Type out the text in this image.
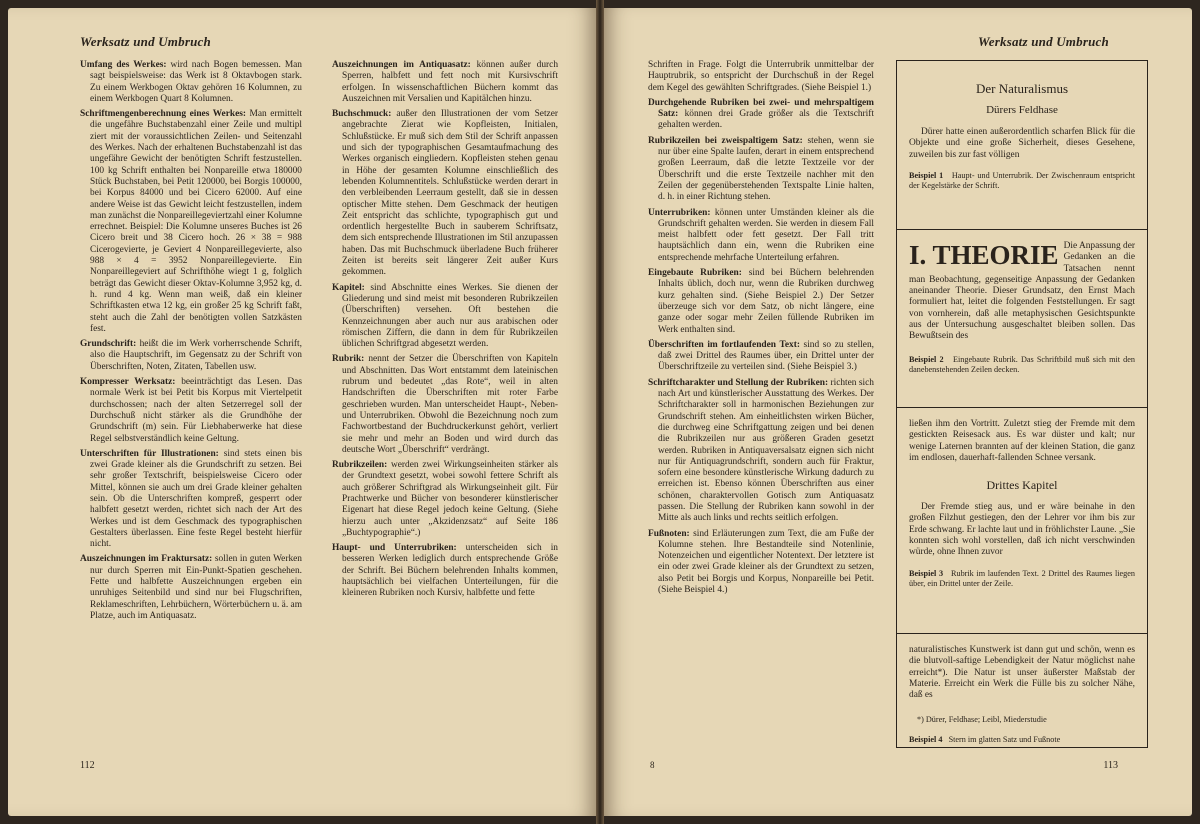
Werksatz und Umbruch

Umfang des Werkes: wird nach Bogen bemessen. Man sagt beispielsweise: das Werk ist 8 Oktavbogen stark. Zu einem Werkbogen Oktav gehören 16 Kolumnen, zu einem Werkbogen Quart 8 Kolumnen.

Schriftmengenberechnung eines Werkes: Man ermittelt die ungefähre Buchstabenzahl einer Zeile und multipl ziert mit der voraussichtlichen Zeilen- und Seitenzahl des Werkes. Nach der erhaltenen Buchstabenzahl ist das ungefähre Gewicht der benötigten Schrift festzustellen. 100 kg Schrift enthalten bei Nonpareille etwa 180000 Stück Buchstaben, bei Petit 120000, bei Borgis 100000, bei Korpus 84000 und bei Cicero 62000. Auf eine andere Weise ist das Gewicht leicht festzustellen, indem man zunächst die Nonpareillegeviertzahl einer Kolumne errechnet. Beispiel: Die Kolumne unseres Buches ist 26 Cicero breit und 38 Cicero hoch. 26 × 38 = 988 Cicerogevierte, je Geviert 4 Nonpareillegevierte, also 988 × 4 = 3952 Nonpareillegevierte. Ein Nonpareillegeviert auf Schrifthöhe wiegt 1 g, folglich beträgt das Gewicht dieser Oktav-Kolumne 3,952 kg, d. h. rund 4 kg. Wenn man weiß, daß ein kleiner Schriftkasten etwa 12 kg, ein großer 25 kg Schrift faßt, steht auch die Zahl der benötigten vollen Satzkästen fest.

Grundschrift: heißt die im Werk vorherrschende Schrift, also die Hauptschrift, im Gegensatz zu der Schrift von Überschriften, Noten, Zitaten, Tabellen usw.

Kompresser Werksatz: beeinträchtigt das Lesen. Das normale Werk ist bei Petit bis Korpus mit Viertelpetit durchschossen; nach der alten Setzerregel soll der Durchschuß nicht stärker als die Grundhöhe der Grundschrift (m) sein. Für Liebhaberwerke hat diese Regel selbstverständlich keine Geltung.

Unterschriften für Illustrationen: sind stets einen bis zwei Grade kleiner als die Grundschrift zu setzen. Bei sehr großer Textschrift, beispielsweise Cicero oder Mittel, können sie auch um drei Grade kleiner gehalten sein. Ob die Unterschriften kompreß, gesperrt oder halbfett gesetzt werden, richtet sich nach der Art des Werkes und ist dem Geschmack des typographischen Gestalters überlassen. Eine feste Regel besteht hierfür nicht.

Auszeichnungen im Fraktursatz: sollen in guten Werken nur durch Sperren mit Ein-Punkt-Spatien geschehen. Fette und halbfette Auszeichnungen ergeben ein unruhiges Seitenbild und sind nur bei Flugschriften, Reklameschriften, Lehrbüchern, Wörterbüchern u. ä. am Platze, auch im Antiquasatz.

Auszeichnungen im Antiquasatz: können außer durch Sperren, halbfett und fett noch mit Kursivschrift erfolgen. In wissenschaftlichen Büchern kommt das Auszeichnen mit Versalien und Kapitälchen hinzu.

Buchschmuck: außer den Illustrationen der vom Setzer angebrachte Zierat wie Kopfleisten, Initialen, Schlußstücke. Er muß sich dem Stil der Schrift anpassen und sich der typographischen Gesamtaufmachung des Werkes organisch eingliedern. Kopfleisten stehen genau in Höhe der gesamten Kolumne einschließlich des lebenden Kolumnentitels. Schlußstücke werden derart in den verbleibenden Leerraum gestellt, daß sie in dessen optischer Mitte stehen. Dem Geschmack der heutigen Zeit entspricht das schlichte, typographisch gut und ordentlich hergestellte Buch in sauberem Schriftsatz, dem sich entsprechende Illustrationen im Stil anzupassen haben. Das mit Buchschmuck überladene Buch früherer Zeiten ist bereits seit längerer Zeit außer Kurs gekommen.

Kapitel: sind Abschnitte eines Werkes. Sie dienen der Gliederung und sind meist mit besonderen Rubrikzeilen (Überschriften) versehen. Oft bestehen die Kennzeichnungen aber auch nur aus arabischen oder römischen Ziffern, die dann in dem für Rubrikzeilen üblichen Schriftgrad abgesetzt werden.

Rubrik: nennt der Setzer die Überschriften von Kapiteln und Abschnitten. Das Wort entstammt dem lateinischen rubrum und bedeutet „das Rote“, weil in alten Handschriften die Überschriften mit roter Farbe geschrieben wurden. Man unterscheidet Haupt-, Neben- und Unterrubriken. Obwohl die Bezeichnung noch zum Fachwortbestand der Buchdruckerkunst gehört, verliert sie mehr und mehr an Boden und wird durch das deutsche Wort „Überschrift“ verdrängt.

Rubrikzeilen: werden zwei Wirkungseinheiten stärker als der Grundtext gesetzt, wobei sowohl fettere Schrift als auch größerer Schriftgrad als Wirkungseinheit gilt. Für Prachtwerke und Bücher von besonderer künstlerischer Eigenart hat diese Regel jedoch keine Geltung. (Siehe hierzu auch unter „Akzidenzsatz“ auf Seite 186 „Buchtypographie“.)

Haupt- und Unterrubriken: unterscheiden sich in besseren Werken lediglich durch entsprechende Größe der Schrift. Bei Büchern belehrenden Inhalts kommen, hauptsächlich bei vielfachen Unterteilungen, für die kleineren Rubriken noch Kursiv, halbfette und fette

112
Werksatz und Umbruch

Schriften in Frage. Folgt die Unterrubrik unmittelbar der Hauptrubrik, so entspricht der Durchschuß in der Regel dem Kegel des gewählten Schriftgrades. (Siehe Beispiel 1.)

Durchgehende Rubriken bei zwei- und mehrspaltigem Satz: können drei Grade größer als die Textschrift gehalten werden.

Rubrikzeilen bei zweispaltigem Satz: stehen, wenn sie nur über eine Spalte laufen, derart in einem entsprechend großen Leerraum, daß die letzte Textzeile vor der Überschrift und die erste Textzeile nachher mit den Zeilen der gegenüberstehenden Textspalte Linie halten, d. h. in einer Richtung stehen.

Unterrubriken: können unter Umständen kleiner als die Grundschrift gehalten werden. Sie werden in diesem Fall meist halbfett oder fett gesetzt. Der Fall tritt hauptsächlich dann ein, wenn die Rubriken eine entsprechende mehrfache Unterteilung erfahren.

Eingebaute Rubriken: sind bei Büchern belehrenden Inhalts üblich, doch nur, wenn die Rubriken durchweg kurz gehalten sind. (Siehe Beispiel 2.) Der Setzer überzeuge sich vor dem Satz, ob nicht längere, eine ganze oder sogar mehr Zeilen füllende Rubriken im Werk enthalten sind.

Überschriften im fortlaufenden Text: sind so zu stellen, daß zwei Drittel des Raumes über, ein Drittel unter der Überschriftzeile zu verteilen sind. (Siehe Beispiel 3.)

Schriftcharakter und Stellung der Rubriken: richten sich nach Art und künstlerischer Ausstattung des Werkes. Der Schriftcharakter soll in harmonischen Beziehungen zur Grundschrift stehen. Am einheitlichsten wirken Bücher, die durchweg eine Schriftgattung zeigen und bei denen die Rubrikzeilen nur aus größeren Graden gesetzt werden. Rubriken in Antiquaversalsatz eignen sich nicht nur für Antiquagrundschrift, sondern auch für Fraktur, sofern eine besondere künstlerische Wirkung dadurch zu erreichen ist. Ebenso können Überschriften aus einer schönen, charaktervollen Gotisch zum Antiquasatz passen. Die Stellung der Rubriken kann sowohl in der Mitte als auch links und rechts seitlich erfolgen.

Fußnoten: sind Erläuterungen zum Text, die am Fuße der Kolumne stehen. Ihre Bestandteile sind Notenlinie, Notenzeichen und eigentlicher Notentext. Der letztere ist ein oder zwei Grade kleiner als der Grundtext zu setzen, also Petit bei Borgis und Korpus, Nonpareille bei Petit. (Siehe Beispiel 4.)

Der Naturalismus
Dürers Feldhase

Dürer hatte einen außerordentlich scharfen Blick für die Objekte und eine große Sicherheit, dieses Gesehene, zuweilen bis zur fast völligen

Beispiel 1 Haupt- und Unterrubrik. Der Zwischenraum entspricht der Kegelstärke der Schrift.
I. THEORIE Die Anpassung der Gedanken an die Tatsachen nennt man Beobachtung, gegenseitige Anpassung der Gedanken aneinander Theorie. Dieser Grundsatz, den Ernst Mach formuliert hat, leitet die folgenden Feststellungen. Er sagt von vornherein, daß alle metaphysischen Gesichtspunkte aus der Untersuchung ausgeschaltet bleiben sollen. Das Bewußtsein des
Beispiel 2 Eingebaute Rubrik. Das Schriftbild muß sich mit den danebenstehenden Zeilen decken.

ließen ihm den Vortritt. Zuletzt stieg der Fremde mit dem gestickten Reisesack aus. Es war düster und kalt; nur wenige Laternen brannten auf der kleinen Station, die ganz im endlosen, dauerhaft-fallenden Schnee versank.

Drittes Kapitel

Der Fremde stieg aus, und er wäre beinahe in den großen Filzhut gestiegen, den der Lehrer vor ihm bis zur Erde schwang. Er lachte laut und in fröhlichster Laune. „Sie konnten sich wohl vorstellen, daß ich nicht verschwinden würde, ohne Ihnen zuvor

Beispiel 3 Rubrik im laufenden Text. 2 Drittel des Raumes liegen über, ein Drittel unter der Zeile.

naturalistisches Kunstwerk ist dann gut und schön, wenn es die blutvoll-saftige Lebendigkeit der Natur möglichst nahe erreicht*). Die Natur ist unser äußerster Maßstab der Materie. Erreicht ein Werk die Fülle bis zu solcher Nähe, daß es

*) Dürer, Feldhase; Leibl, Miederstudie
Beispiel 4 Stern im glatten Satz und Fußnote
8	113
